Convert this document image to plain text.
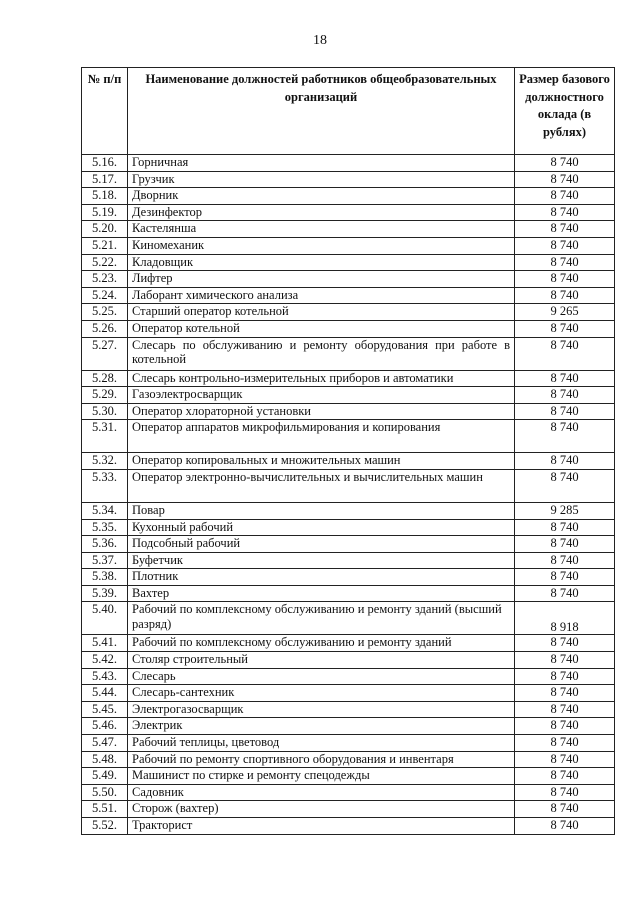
18
№ п/п	Наименование должностей работников общеобразовательных организаций	Размер базового должностного оклада (в рублях)
5.16.	Горничная	8 740
5.17.	Грузчик	8 740
5.18.	Дворник	8 740
5.19.	Дезинфектор	8 740
5.20.	Кастелянша	8 740
5.21.	Киномеханик	8 740
5.22.	Кладовщик	8 740
5.23.	Лифтер	8 740
5.24.	Лаборант химического анализа	8 740
5.25.	Старший оператор котельной	9 265
5.26.	Оператор котельной	8 740
5.27.	Слесарь по обслуживанию и ремонту оборудования при работе в котельной	8 740
5.28.	Слесарь контрольно-измерительных приборов и автоматики	8 740
5.29.	Газоэлектросварщик	8 740
5.30.	Оператор хлораторной установки	8 740
5.31.	Оператор аппаратов микрофильмирования и копирования	8 740
5.32.	Оператор копировальных и множительных машин	8 740
5.33.	Оператор электронно-вычислительных и вычислительных машин	8 740
5.34.	Повар	9 285
5.35.	Кухонный рабочий	8 740
5.36.	Подсобный рабочий	8 740
5.37.	Буфетчик	8 740
5.38.	Плотник	8 740
5.39.	Вахтер	8 740
5.40.	Рабочий по комплексному обслуживанию и ремонту зданий (высший разряд)	8 918
5.41.	Рабочий по комплексному обслуживанию и ремонту зданий	8 740
5.42.	Столяр строительный	8 740
5.43.	Слесарь	8 740
5.44.	Слесарь-сантехник	8 740
5.45.	Электрогазосварщик	8 740
5.46.	Электрик	8 740
5.47.	Рабочий теплицы, цветовод	8 740
5.48.	Рабочий по ремонту спортивного оборудования и инвентаря	8 740
5.49.	Машинист по стирке и ремонту спецодежды	8 740
5.50.	Садовник	8 740
5.51.	Сторож (вахтер)	8 740
5.52.	Тракторист	8 740
